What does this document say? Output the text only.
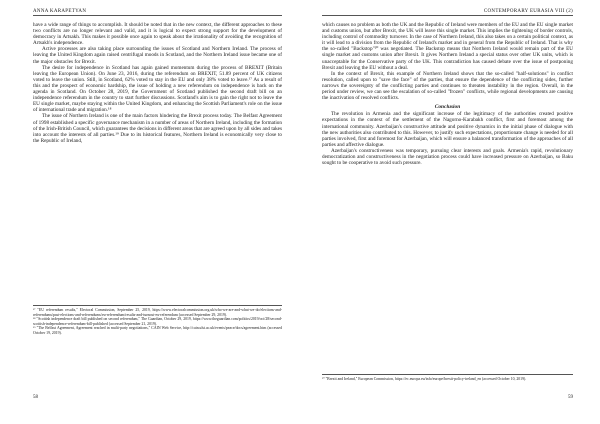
ANNA KARAPETYAN

have a wide range of things to accomplish. It should be noted that in the new context, the different approaches to these two conflicts are no longer relevant and valid, and it is logical to expect strong support for the development of democracy in Artsakh. This makes it possible once again to speak about the irrationality of avoiding the recognition of Artsakh's independence.

Active processes are also taking place surrounding the issues of Scotland and Northern Ireland. The process of leaving the United Kingdom again raised centrifugal moods in Scotland, and the Northern Ireland issue became one of the major obstacles for Brexit.

The desire for independence in Scotland has again gained momentum during the process of BREXIT (Britain leaving the European Union). On June 23, 2016, during the referendum on BREXIT, 51.89 percent of UK citizens voted to leave the union. Still, in Scotland, 62% voted to stay in the EU and only 38% voted to leave.¹⁷ As a result of this and the prospect of economic hardship, the issue of holding a new referendum on independence is back on the agenda in Scotland. On October 28, 2019, the Government of Scotland published the second draft bill on an independence referendum in the country to start further discussions. Scotland's aim is to gain the right not to leave the EU single market, maybe staying within the United Kingdom, and enhancing the Scottish Parliament's role on the issue of international trade and migration.¹⁸

The issue of Northern Ireland is one of the main factors hindering the Brexit process today. The Belfast Agreement of 1998 established a specific governance mechanism in a number of areas of Northern Ireland, including the formation of the Irish-British Council, which guarantees the decisions in different areas that are agreed upon by all sides and takes into account the interests of all parties.¹⁹ Due to its historical features, Northern Ireland is economically very close to the Republic of Ireland,

¹⁷ "EU referendum results," Electoral Commission, September 25, 2019, https://www.electoralcommission.org.uk/who-we-are-and-what-we-do/elections-and-referendums/past-elections-and-referendums/eu-referendum/results-and-turnout-eu-referendum (accessed September 29, 2019).

¹⁸ "Scottish independence draft bill published on second referendum," The Guardian, October 29, 2019, https://www.theguardian.com/politics/2019/oct/28/second-scottish-independence-referendum-bill-published (accessed September 21, 2019).

¹⁹ "The Belfast Agreement, Agreement reached in multi-party negotiations," CAIN Web Service, http://cain.ulst.ac.uk/events/peace/docs/agreement.htm (accessed October 19, 2019).

58
CONTEMPORARY EURASIA VIII (2)

which causes no problem as both the UK and the Republic of Ireland were members of the EU and the EU single market and customs union, but after Brexit, the UK will leave this single market. This implies the tightening of border controls, including control of commodity turnover. In the case of Northern Ireland, this also takes on a certain political context, as it will lead to a division from the Republic of Ireland's market and in general from the Republic of Ireland. That is why the so-called "Backstop"²⁰ was negotiated. The Backstop means that Northern Ireland would remain part of the EU single market and customs union after Brexit. It gives Northern Ireland a special status over other UK units, which is unacceptable for the Conservative party of the UK. This contradiction has caused debate over the issue of postponing Brexit and leaving the EU without a deal.

In the context of Brexit, this example of Northern Ireland shows that the so-called "half-solutions" in conflict resolution, called upon to "save the face" of the parties, that ensure the dependence of the conflicting sides, further narrows the sovereignty of the conflicting parties and continues to threaten instability in the region. Overall, in the period under review, we can see the escalation of so-called "frozen" conflicts, while regional developments are causing the inactivation of resolved conflicts.

Conclusion

The revolution in Armenia and the significant increase of the legitimacy of the authorities created positive expectations in the context of the settlement of the Nagorno-Karabakh conflict, first and foremost among the international community. Azerbaijan's constructive attitude and positive dynamics in the initial phase of dialogue with the new authorities also contributed to this. However, to justify such expectations, proportionate change is needed for all parties involved, first and foremost for Azerbaijan, which will ensure a balanced transformation of the approaches of all parties and affective dialogue.

Azerbaijan's constructiveness was temporary, pursuing clear interests and goals. Armenia's rapid, revolutionary democratization and constructiveness in the negotiation process could have increased pressure on Azerbaijan, so Baku sought to be cooperative to avoid such pressure.

²⁰ "Brexit and Ireland," European Commission, https://ec.europa.eu/info/europe/brexit-policy-ireland_en (accessed October 10, 2019).

59
